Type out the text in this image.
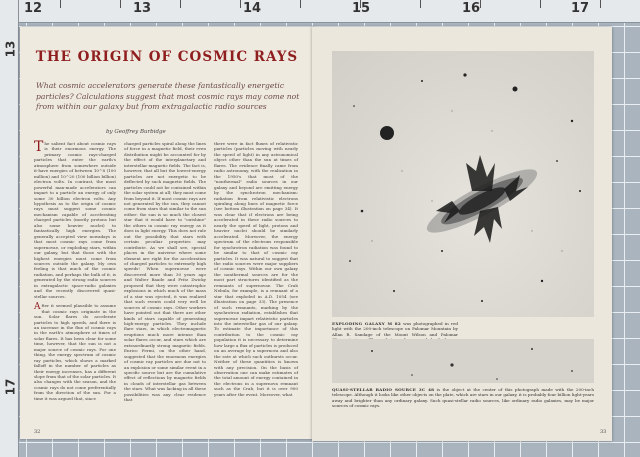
12	13	14	15	16	17
13
17
THE ORIGIN OF COSMIC RAYS
What cosmic accelerators generate these fantastically energetic particles? Calculations suggest that most cosmic rays may come not from within our galaxy but from extragalactic radio sources
by Geoffrey Burbidge
The salient fact about cosmic rays is their enormous energy. The primary cosmic rays-charged particles that enter the earth's atmosphere from somewhere outside it-have energies of between 10^8 (100 million) and 10^20 (100 billion billion) electron volts. In contrast, the most powerful man-made accelerators can impart to a particle an energy of only some 30 billion electron volts. Any hypothesis as to the origin of cosmic rays must suggest some cosmic mechanism capable of accelerating charged particles (mostly protons but also some heavier nuclei) to fantastically high energies. The generally accepted view nowadays is that most cosmic rays come from supernovae, or exploding stars, within our galaxy, but that those with the highest energies must come from sources outside the galaxy. My own feeling is that much of the cosmic radiation, and perhaps the bulk of it, is generated by the strong radio sources in extragalactic space-radio galaxies and the recently discovered quasi-stellar sources.
A fter it seemed plausible to assume that cosmic rays originate in the sun. Solar flares do accelerate particles to high speeds, and there is an increase in the flux of cosmic rays in the earth's atmosphere at times of solar flares. It has been clear for some time, however, that the sun is not a major source of cosmic rays. For one thing, the energy spectrum of cosmic ray particles, which shows a marked falloff in the number of particles as their energy increases, has a different slope from that of the solar particles. It also changes with the season, and the cosmic rays do not come preferentially from the direction of the sun. For a time it was argued that, since
charged particles spiral along the lines of force in a magnetic field, their even distribution might be accounted for by the effect of the interplanetary and interstellar magnetic fields. The fact is, however, that all but the lowest-energy particles are not energetic to be deflected by such magnetic fields. The particles could not be contained within the solar system at all; they must come from beyond it. If most cosmic rays are not generated by the sun, they cannot come from stars that similar to the sun either: the sun is so much the closest star that it would have to "outshine" the others in cosmic ray energy as it does in light energy. This does not rule out the possibility that stars with certain peculiar properties may contribute. As we shall see, special places in the universe where some element are right for the acceleration of charged particles to extremely high speeds! When supernovae were discovered more than 30 years ago and Walter Baade and Fritz Zwicky proposed that they were catastrophic explosions in which much of the mass of a star was ejected, it was realized that such events could very well be sources of cosmic rays. Other workers have pointed out that there are other kinds of stars capable of generating high-energy particles. They include flare stars, in which electromagnetic eruptions much more intense than solar flares occur, and stars which are extraordinarily strong magnetic fields. Enrico Fermi, on the other hand, suggested that the enormous energies of cosmic ray particles are due not to an explosion or some similar event in a specific source but are the cumulative effect of reflections by magnetic fields in clouds of interstellar gas between the stars. What was lacking in all these possibilities was any clear evidence that
there were in fact fluxes of relativistic particles (particles moving with nearly the speed of light) in any astronomical object other than the sun at times of flares. The evidence finally came from radio astronomy, with the realization in the 1950's that most of the "nonthermal" radio sources in our galaxy and beyond are emitting energy by the synchrotron mechanism: radiation from relativistic electrons spiraling along lines of magnetic force (see bottom illustration on page 34). It was clear that if electrons are being accelerated in these radio sources to nearly the speed of light, protons and heavier nuclei should be similarly accelerated. Moreover, the energy spectrum of the electrons responsible for synchrotron radiation was found to be similar to that of cosmic ray particles. It was natural to suggest that the radio sources were major suppliers of cosmic rays. Within our own galaxy the nonthermal sources are for the most part structures identified as the remnants of supernovae. The Crab Nebula, for example, is a remnant of a star that exploded in A.D. 1054 (see illustration on page 33). The presence of such remnants, marking by the synchrotron radiation, establishes that supernovae impart relativistic particles into the interstellar gas of our galaxy. To estimate the importance of this contribution to the cosmic ray population it is necessary to determine how large a flux of particles is produced on an average by a supernova and also the rate at which such outbursts occur. Neither of these quantities is known with any precision. On the basis of observation one can make estimates of the total amount of energy contained in the electrons in a supernova remnant such as the Crab, but it is over 900 years after the event. Moreover, what
32
EXPLODING GALAXY M 82 was photographed in red light with the 200-inch telescope on Palomar Mountain by Allan R. Sandage of the Mount Wilson and Palomar
QUASI-STELLAR RADIO SOURCE 3C 48 is the object at the center of this photograph made with the 200-inch telescope. Although it looks like other objects on the plate, which are stars in our galaxy, it is probably four billion light-years away and brighter than any ordinary galaxy. Such quasi-stellar radio sources, like ordinary radio galaxies, may be major sources of cosmic rays.
33
